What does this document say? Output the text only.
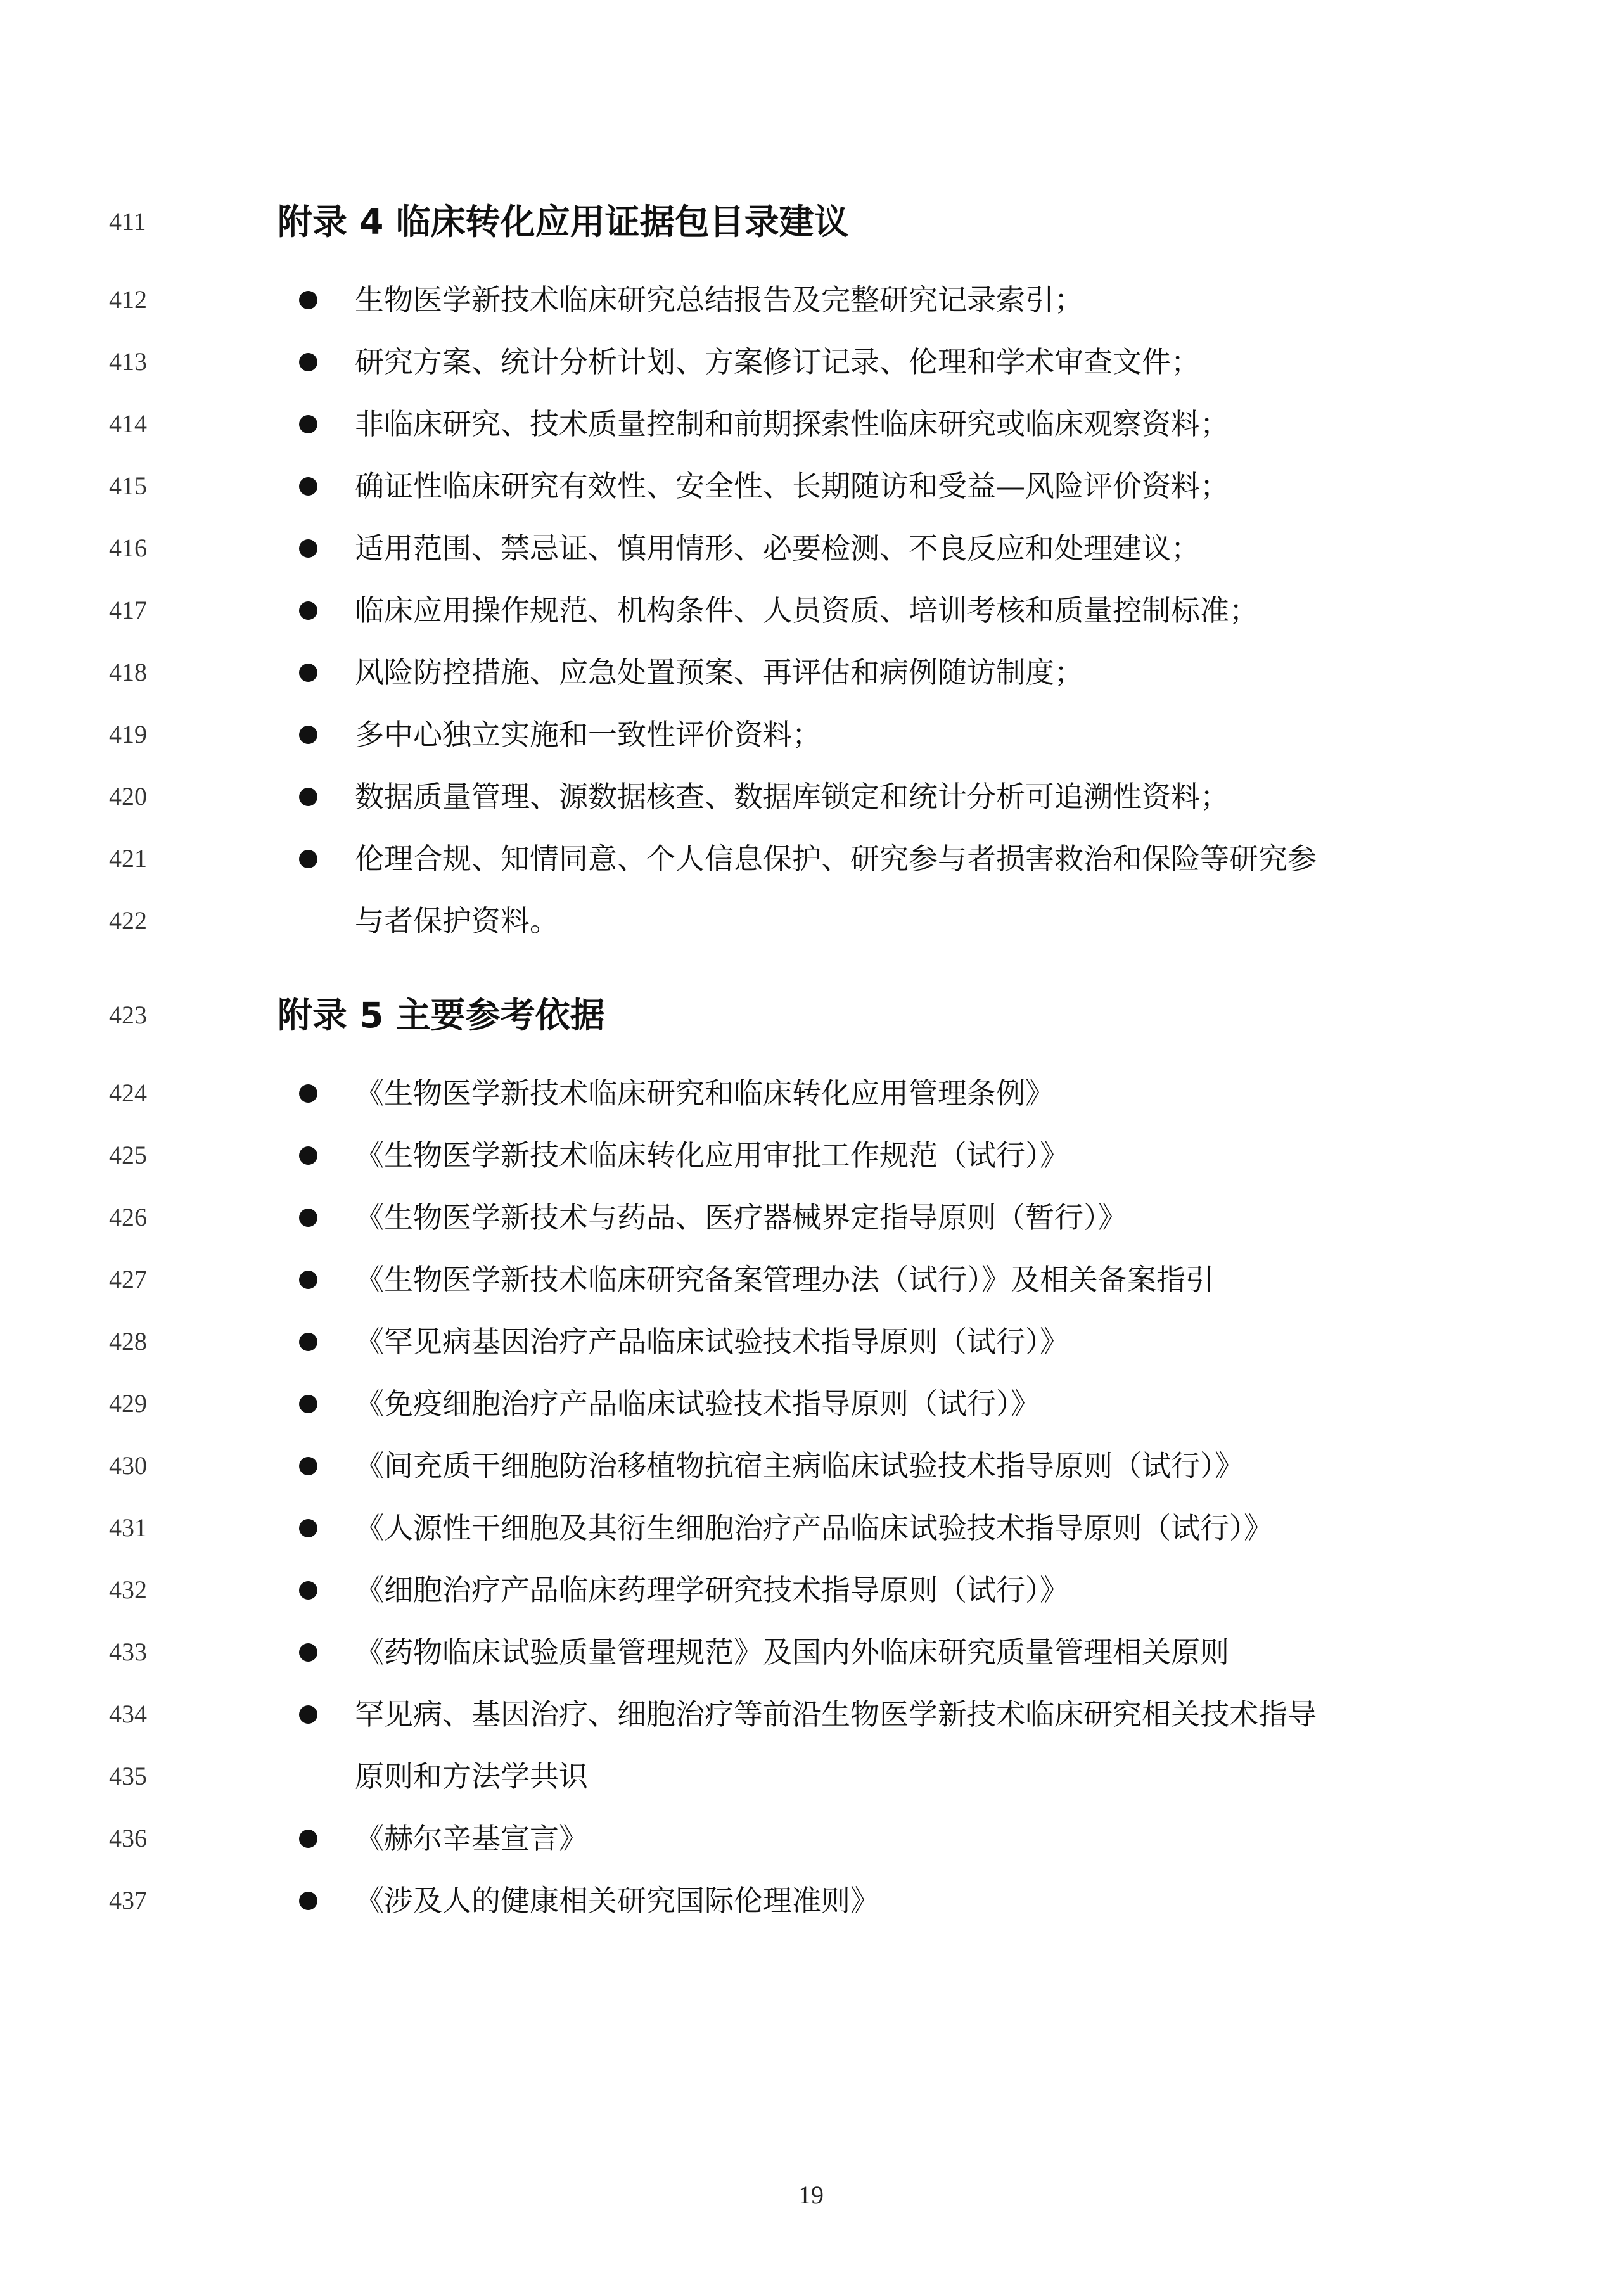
411	附录 4 临床转化应用证据包目录建议
412	生物医学新技术临床研究总结报告及完整研究记录索引；
413	研究方案、统计分析计划、方案修订记录、伦理和学术审查文件；
414	非临床研究、技术质量控制和前期探索性临床研究或临床观察资料；
415	确证性临床研究有效性、安全性、长期随访和受益—风险评价资料；
416	适用范围、禁忌证、慎用情形、必要检测、不良反应和处理建议；
417	临床应用操作规范、机构条件、人员资质、培训考核和质量控制标准；
418	风险防控措施、应急处置预案、再评估和病例随访制度；
419	多中心独立实施和一致性评价资料；
420	数据质量管理、源数据核查、数据库锁定和统计分析可追溯性资料；
421	伦理合规、知情同意、个人信息保护、研究参与者损害救治和保险等研究参
422	与者保护资料。
423	附录 5 主要参考依据
424	《生物医学新技术临床研究和临床转化应用管理条例》
425	《生物医学新技术临床转化应用审批工作规范（试行）》
426	《生物医学新技术与药品、医疗器械界定指导原则（暂行）》
427	《生物医学新技术临床研究备案管理办法（试行）》及相关备案指引
428	《罕见病基因治疗产品临床试验技术指导原则（试行）》
429	《免疫细胞治疗产品临床试验技术指导原则（试行）》
430	《间充质干细胞防治移植物抗宿主病临床试验技术指导原则（试行）》
431	《人源性干细胞及其衍生细胞治疗产品临床试验技术指导原则（试行）》
432	《细胞治疗产品临床药理学研究技术指导原则（试行）》
433	《药物临床试验质量管理规范》及国内外临床研究质量管理相关原则
434	罕见病、基因治疗、细胞治疗等前沿生物医学新技术临床研究相关技术指导
435	原则和方法学共识
436	《赫尔辛基宣言》
437	《涉及人的健康相关研究国际伦理准则》
19
